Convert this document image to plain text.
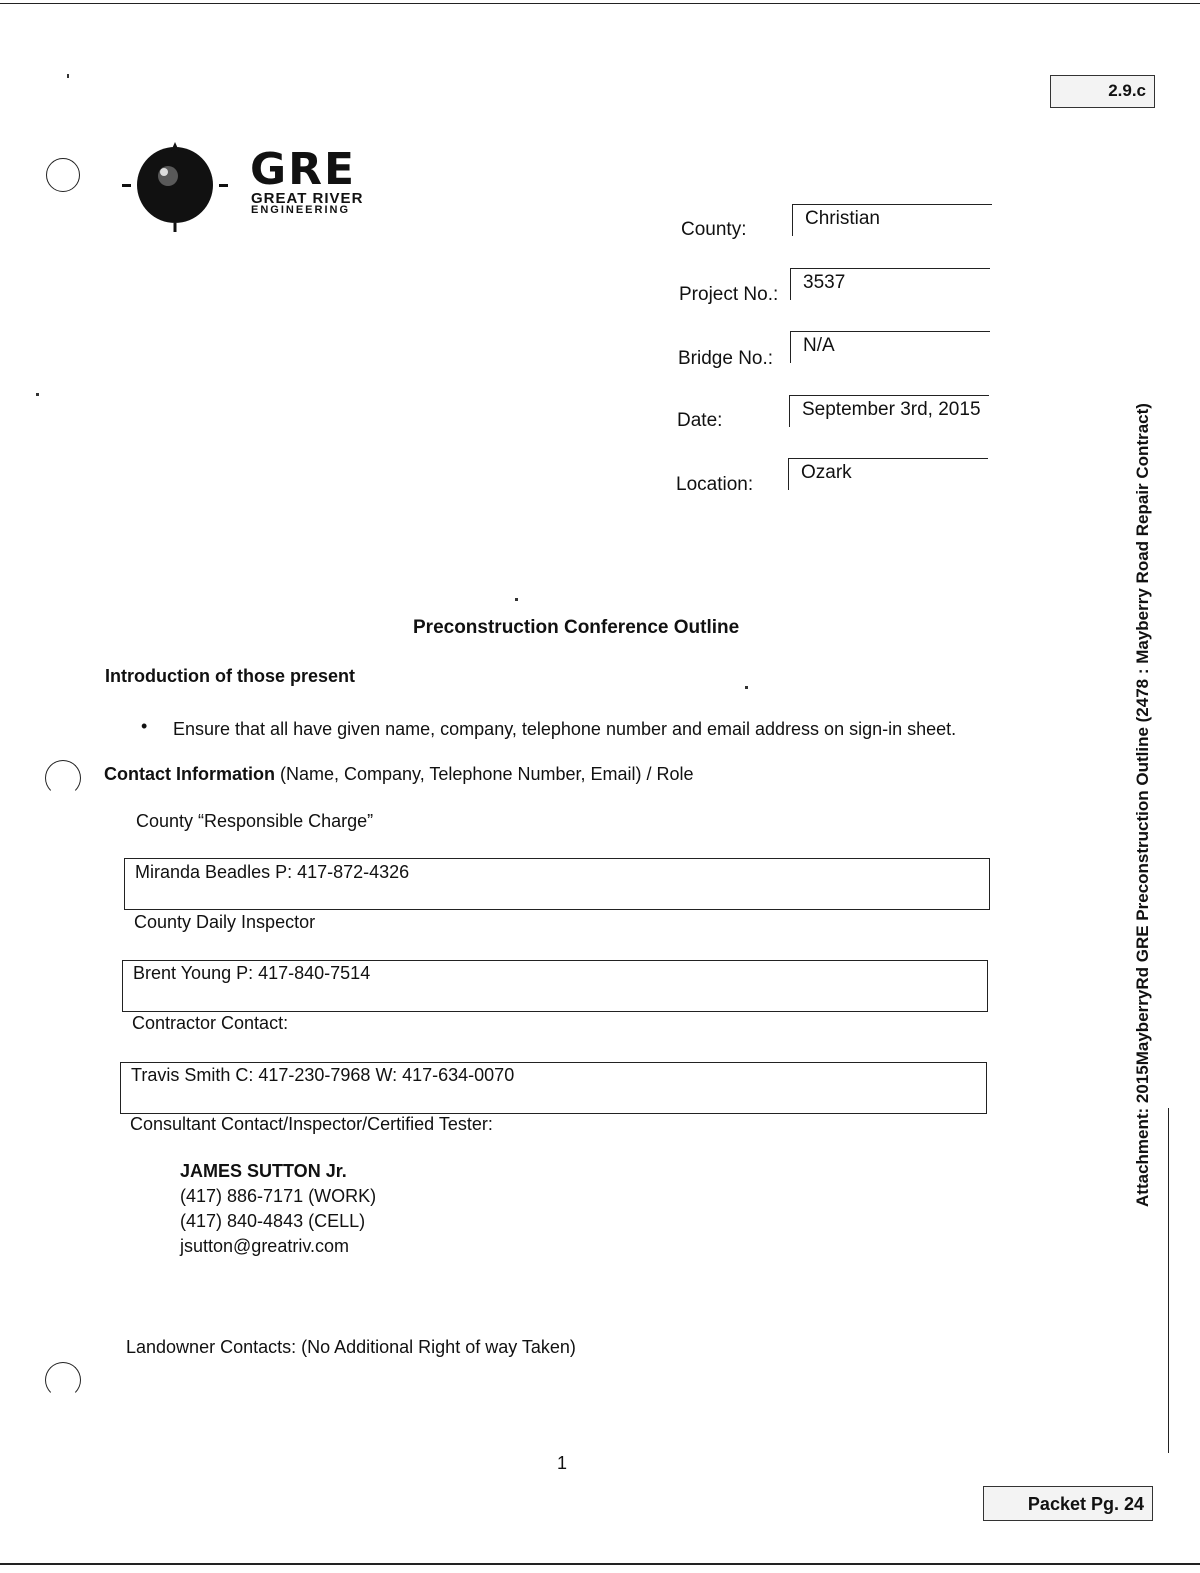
2.9.c
Packet Pg. 24
GRE
GREAT RIVER
ENGINEERING
County:
Christian
Project No.:
3537
Bridge No.:
N/A
Date:
September 3rd, 2015
Location:
Ozark
Preconstruction Conference Outline
Introduction of those present
• Ensure that all have given name, company, telephone number and email address on sign-in sheet.
Contact Information (Name, Company, Telephone Number, Email) / Role
County “Responsible Charge”
Miranda Beadles P: 417-872-4326
County Daily Inspector
Brent Young P: 417-840-7514
Contractor Contact:
Travis Smith C: 417-230-7968 W: 417-634-0070
Consultant Contact/Inspector/Certified Tester:
JAMES SUTTON Jr.
(417) 886-7171 (WORK)
(417) 840-4843 (CELL)
jsutton@greatriv.com
Landowner Contacts: (No Additional Right of way Taken)
1
Attachment: 2015MayberryRd GRE Preconstruction Outline (2478 : Mayberry Road Repair Contract)
